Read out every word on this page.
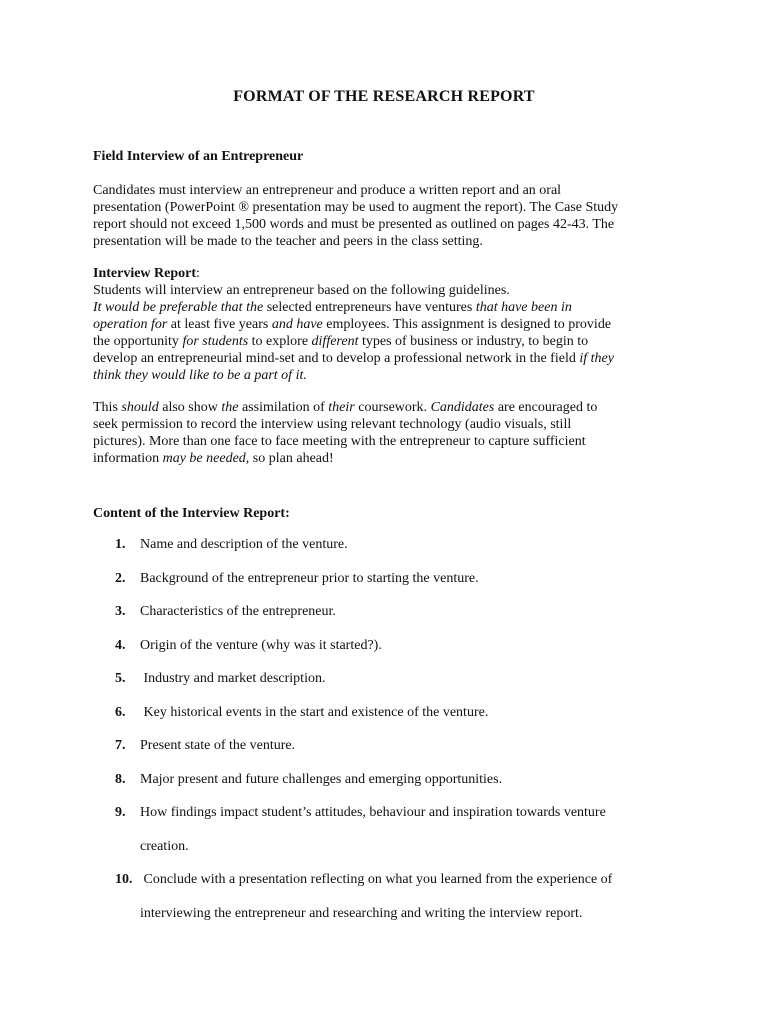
FORMAT OF THE RESEARCH REPORT
Field Interview of an Entrepreneur
Candidates must interview an entrepreneur and produce a written report and an oral
presentation (PowerPoint ® presentation may be used to augment the report). The Case Study
report should not exceed 1,500 words and must be presented as outlined on pages 42-43. The
presentation will be made to the teacher and peers in the class setting.
Interview Report:
Students will interview an entrepreneur based on the following guidelines.
It would be preferable that the selected entrepreneurs have ventures that have been in
operation for at least five years and have employees. This assignment is designed to provide
the opportunity for students to explore different types of business or industry, to begin to
develop an entrepreneurial mind-set and to develop a professional network in the field if they
think they would like to be a part of it.
This should also show the assimilation of their coursework. Candidates are encouraged to
seek permission to record the interview using relevant technology (audio visuals, still
pictures). More than one face to face meeting with the entrepreneur to capture sufficient
information may be needed, so plan ahead!
Content of the Interview Report:
1. Name and description of the venture.
2. Background of the entrepreneur prior to starting the venture.
3. Characteristics of the entrepreneur.
4. Origin of the venture (why was it started?).
5. Industry and market description.
6. Key historical events in the start and existence of the venture.
7. Present state of the venture.
8. Major present and future challenges and emerging opportunities.
9. How findings impact student’s attitudes, behaviour and inspiration towards venture
creation.
10. Conclude with a presentation reflecting on what you learned from the experience of
interviewing the entrepreneur and researching and writing the interview report.
